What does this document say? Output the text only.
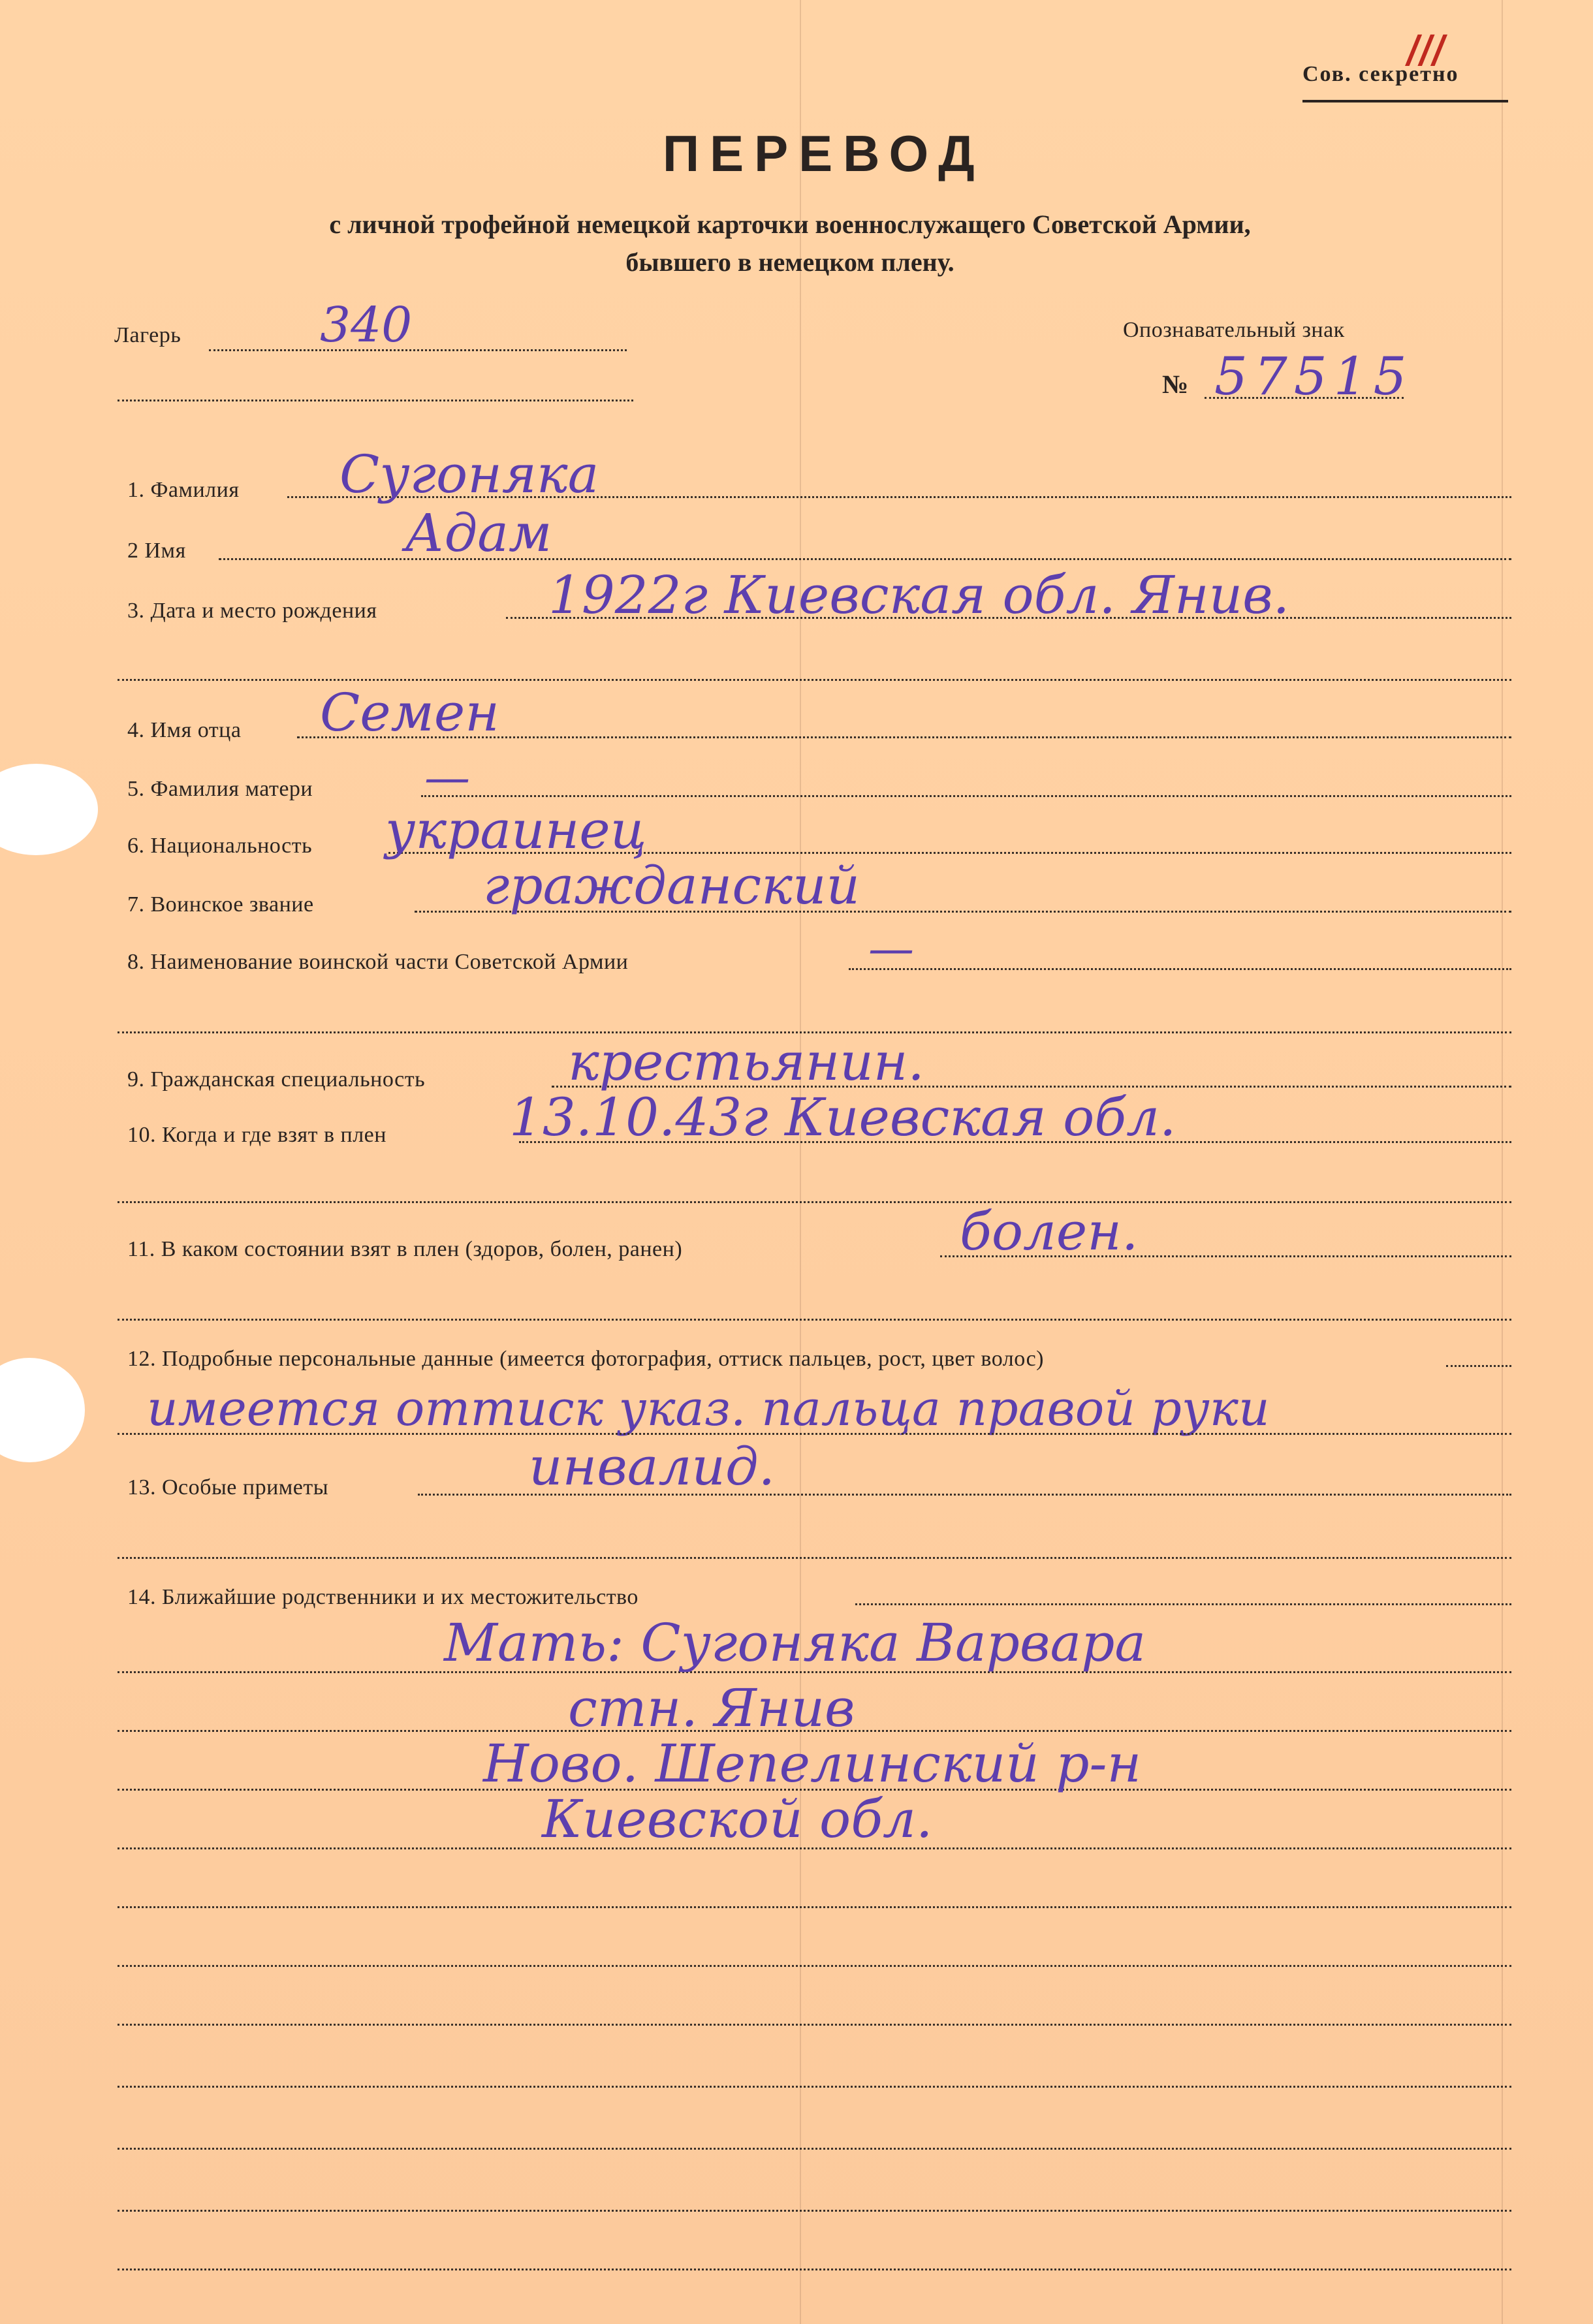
III
Сов. секретно
ПЕРЕВОД
с личной трофейной немецкой карточки военнослужащего Советской Армии,
бывшего в немецком плену.
Лагерь	340	Опознавательный знак
№ 57515
1. Фамилия Сугоняка
2 Имя	Адам
3. Дата и место рождения	1922г Киевская обл. Янив.
4. Имя отца Семен
5. Фамилия матери —
6. Национальность украинец
7. Воинское звание	гражданский
8. Наименование воинской части Советской Армии	—
9. Гражданская специальность	крестьянин.
10. Когда и где взят в плен 13.10.43г Киевская обл.
11. В каком состоянии взят в плен (здоров, болен, ранен)	болен.
12. Подробные персональные данные (имеется фотография, оттиск пальцев, рост, цвет волос)
имеется оттиск указ. пальца правой руки
13. Особые приметы	инвалид.
14. Ближайшие родственники и их местожительство
Мать: Сугоняка Варвара
стн. Янив
Ново. Шепелинский р-н
Киевской обл.
